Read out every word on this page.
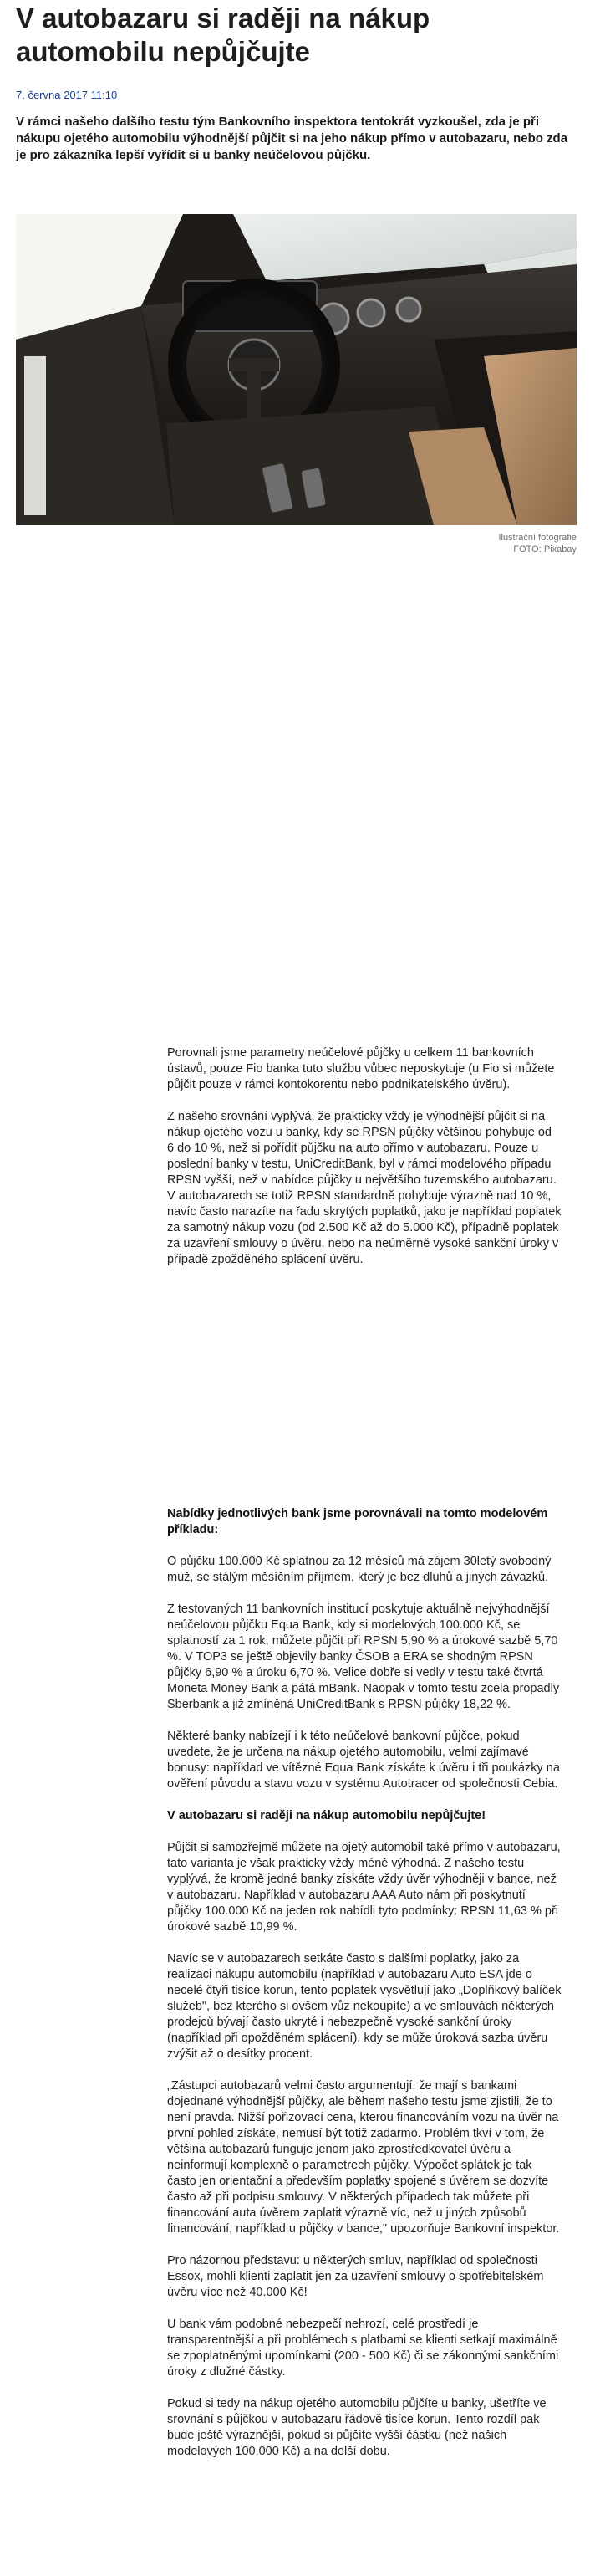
V autobazaru si raději na nákup automobilu nepůjčujte
7. června 2017 11:10

V rámci našeho dalšího testu tým Bankovního inspektora tentokrát vyzkoušel, zda je při nákupu ojetého automobilu výhodnější půjčit si na jeho nákup přímo v autobazaru, nebo zda je pro zákazníka lepší vyřídit si u banky neúčelovou půjčku.

Ilustrační fotografie
FOTO: Pixabay

Porovnali jsme parametry neúčelové půjčky u celkem 11 bankovních ústavů, pouze Fio banka tuto službu vůbec neposkytuje (u Fio si můžete půjčit pouze v rámci kontokorentu nebo podnikatelského úvěru).

Z našeho srovnání vyplývá, že prakticky vždy je výhodnější půjčit si na nákup ojetého vozu u banky, kdy se RPSN půjčky většinou pohybuje od 6 do 10 %, než si pořídit půjčku na auto přímo v autobazaru. Pouze u poslední banky v testu, UniCreditBank, byl v rámci modelového případu RPSN vyšší, než v nabídce půjčky u největšího tuzemského autobazaru. V autobazarech se totiž RPSN standardně pohybuje výrazně nad 10 %, navíc často narazíte na řadu skrytých poplatků, jako je například poplatek za samotný nákup vozu (od 2.500 Kč až do 5.000 Kč), případně poplatek za uzavření smlouvy o úvěru, nebo na neúměrně vysoké sankční úroky v případě zpožděného splácení úvěru.

Nabídky jednotlivých bank jsme porovnávali na tomto modelovém příkladu:

O půjčku 100.000 Kč splatnou za 12 měsíců má zájem 30letý svobodný muž, se stálým měsíčním příjmem, který je bez dluhů a jiných závazků.

Z testovaných 11 bankovních institucí poskytuje aktuálně nejvýhodnější neúčelovou půjčku Equa Bank, kdy si modelových 100.000 Kč, se splatností za 1 rok, můžete půjčit při RPSN 5,90 % a úrokové sazbě 5,70 %. V TOP3 se ještě objevily banky ČSOB a ERA se shodným RPSN půjčky 6,90 % a úroku 6,70 %. Velice dobře si vedly v testu také čtvrtá Moneta Money Bank a pátá mBank. Naopak v tomto testu zcela propadly Sberbank a již zmíněná UniCreditBank s RPSN půjčky 18,22 %.

Některé banky nabízejí i k této neúčelové bankovní půjčce, pokud uvedete, že je určena na nákup ojetého automobilu, velmi zajímavé bonusy: například ve vítězné Equa Bank získáte k úvěru i tři poukázky na ověření původu a stavu vozu v systému Autotracer od společnosti Cebia.

V autobazaru si raději na nákup automobilu nepůjčujte!

Půjčit si samozřejmě můžete na ojetý automobil také přímo v autobazaru, tato varianta je však prakticky vždy méně výhodná. Z našeho testu vyplývá, že kromě jedné banky získáte vždy úvěr výhodněji v bance, než v autobazaru. Například v autobazaru AAA Auto nám při poskytnutí půjčky 100.000 Kč na jeden rok nabídli tyto podmínky: RPSN 11,63 % při úrokové sazbě 10,99 %.

Navíc se v autobazarech setkáte často s dalšími poplatky, jako za realizaci nákupu automobilu (například v autobazaru Auto ESA jde o necelé čtyři tisíce korun, tento poplatek vysvětlují jako „Doplňkový balíček služeb", bez kterého si ovšem vůz nekoupíte) a ve smlouvách některých prodejců bývají často ukryté i nebezpečně vysoké sankční úroky (například při opožděném splácení), kdy se může úroková sazba úvěru zvýšit až o desítky procent.

„Zástupci autobazarů velmi často argumentují, že mají s bankami dojednané výhodnější půjčky, ale během našeho testu jsme zjistili, že to není pravda. Nižší pořizovací cena, kterou financováním vozu na úvěr na první pohled získáte, nemusí být totiž zadarmo. Problém tkví v tom, že většina autobazarů funguje jenom jako zprostředkovatel úvěru a neinformují komplexně o parametrech půjčky. Výpočet splátek je tak často jen orientační a především poplatky spojené s úvěrem se dozvíte často až při podpisu smlouvy. V některých případech tak můžete při financování auta úvěrem zaplatit výrazně víc, než u jiných způsobů financování, například u půjčky v bance," upozorňuje Bankovní inspektor.

Pro názornou představu: u některých smluv, například od společnosti Essox, mohli klienti zaplatit jen za uzavření smlouvy o spotřebitelském úvěru více než 40.000 Kč!

U bank vám podobné nebezpečí nehrozí, celé prostředí je transparentnější a při problémech s platbami se klienti setkají maximálně se zpoplatněnými upomínkami (200 - 500 Kč) či se zákonnými sankčními úroky z dlužné částky.

Pokud si tedy na nákup ojetého automobilu půjčíte u banky, ušetříte ve srovnání s půjčkou v autobazaru řádově tisíce korun. Tento rozdíl pak bude ještě výraznější, pokud si půjčíte vyšší částku (než našich modelových 100.000 Kč) a na delší dobu.
